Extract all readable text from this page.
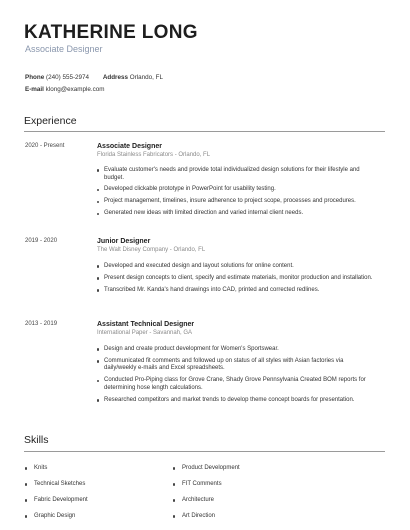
KATHERINE LONG
Associate Designer
Phone (240) 555-2974 Address Orlando, FL
E-mail klong@example.com
Experience
2020 - Present	Associate Designer
Florida Stainless Fabricators - Orlando, FL
Evaluate customer's needs and provide total individualized design solutions for their lifestyle and budget.
Developed clickable prototype in PowerPoint for usability testing.
Project management, timelines, insure adherence to project scope, processes and procedures.
Generated new ideas with limited direction and varied internal client needs.
2019 - 2020	Junior Designer
The Walt Disney Company - Orlando, FL
Developed and executed design and layout solutions for online content.
Present design concepts to client, specify and estimate materials, monitor production and installation.
Transcribed Mr. Kanda's hand drawings into CAD, printed and corrected redlines.
2013 - 2019	Assistant Technical Designer
International Paper - Savannah, GA
Design and create product development for Women's Sportswear.
Communicated fit comments and followed up on status of all styles with Asian factories via daily/weekly e-mails and Excel spreadsheets.
Conducted Pro-Piping class for Grove Crane, Shady Grove Pennsylvania Created BOM reports for determining hose length calculations.
Researched competitors and market trends to develop theme concept boards for presentation.
Skills
Knits
Technical Sketches
Fabric Development
Graphic Design
Product Development
FIT Comments
Architecture
Art Direction
